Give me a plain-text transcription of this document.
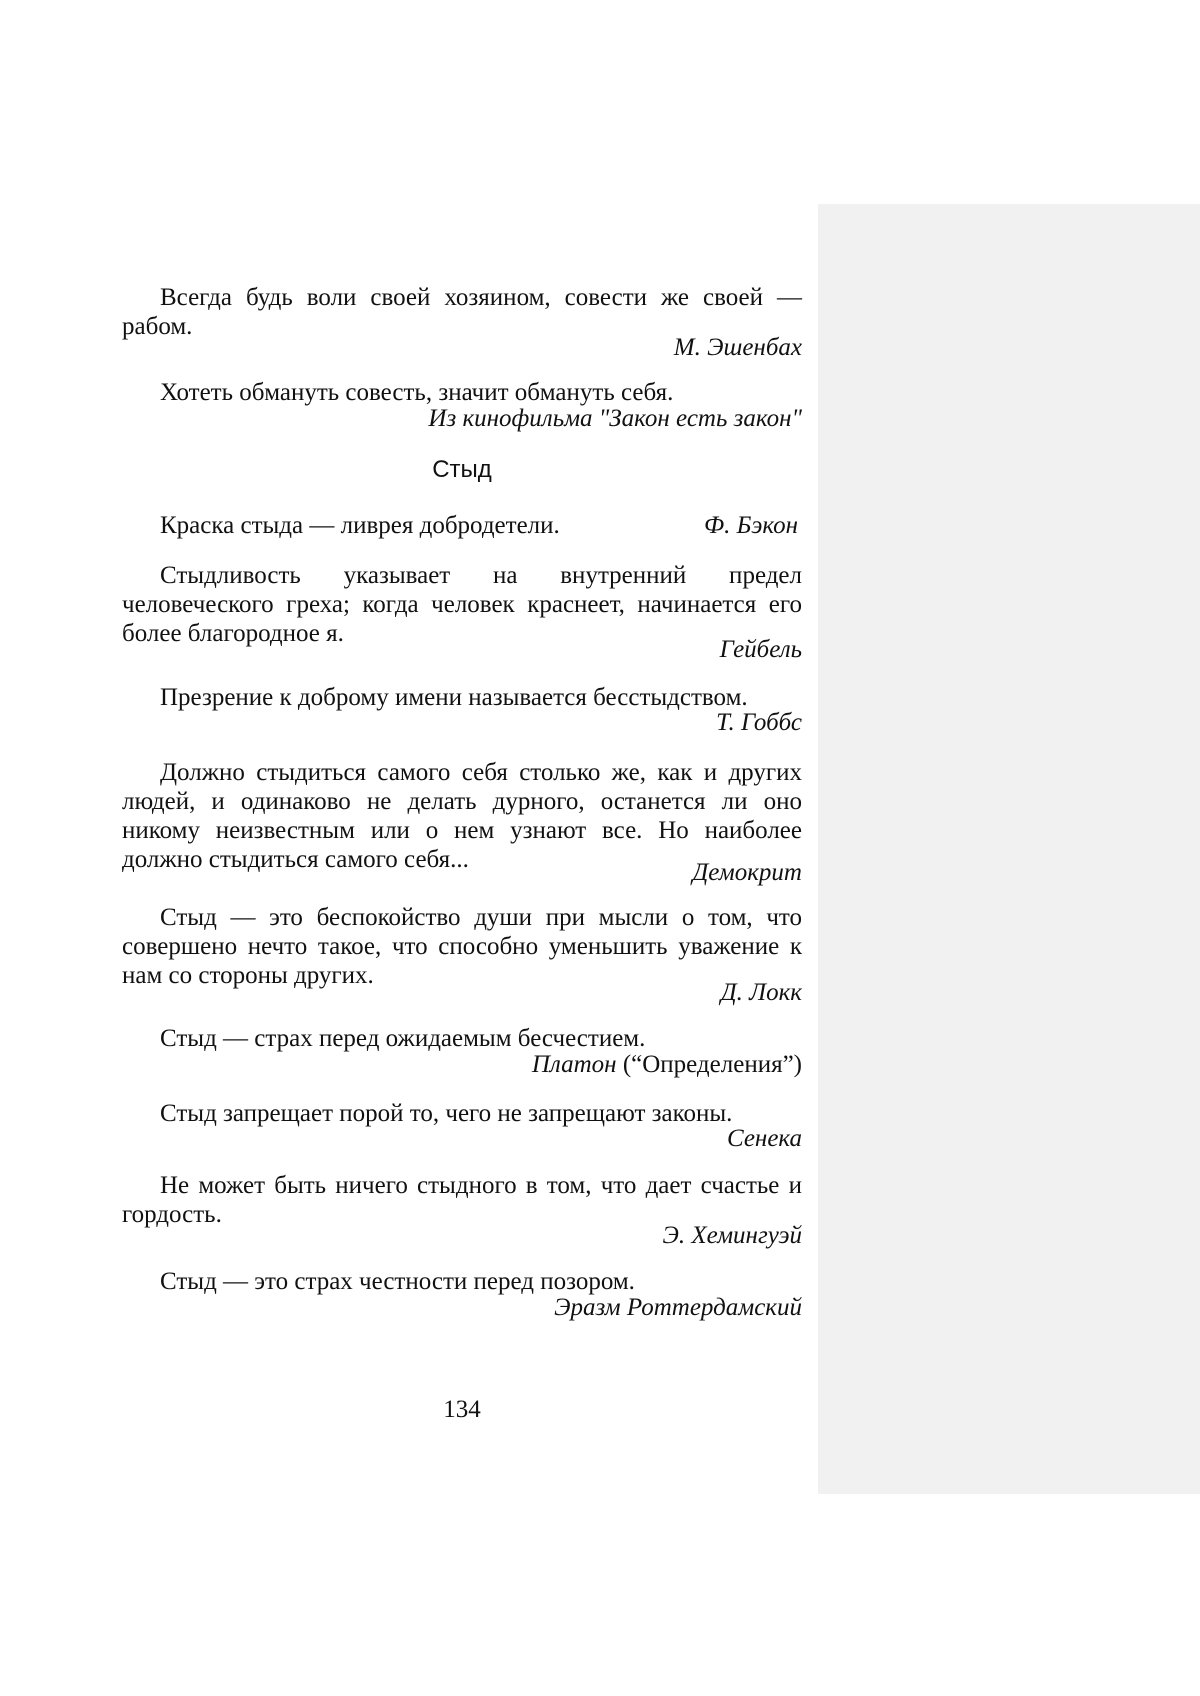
Всегда будь воли своей хозяином, совести же своей — рабом.

М. Эшенбах

Хотеть обмануть совесть, значит обмануть себя.

Из кинофильма "Закон есть закон"

Стыд
Краска стыда — ливрея добродетели.	Ф. Бэкон

Стыдливость указывает на внутренний предел человеческого греха; когда человек краснеет, начинается его более благородное я.

Гейбель

Презрение к доброму имени называется бесстыдством.

Т. Гоббс

Должно стыдиться самого себя столько же, как и других людей, и одинаково не делать дурного, останется ли оно никому неизвестным или о нем узнают все. Но наиболее должно стыдиться самого себя...	Демокрит

Стыд — это беспокойство души при мысли о том, что совершено нечто такое, что способно уменьшить уважение к нам со стороны других.

Д. Локк

Стыд — страх перед ожидаемым бесчестием.

Платон (“Определения”)

Стыд запрещает порой то, чего не запрещают законы.

Сенека

Не может быть ничего стыдного в том, что дает счастье и гордость.

Э. Хемингуэй

Стыд — это страх честности перед позором.

Эразм Роттердамский

134
